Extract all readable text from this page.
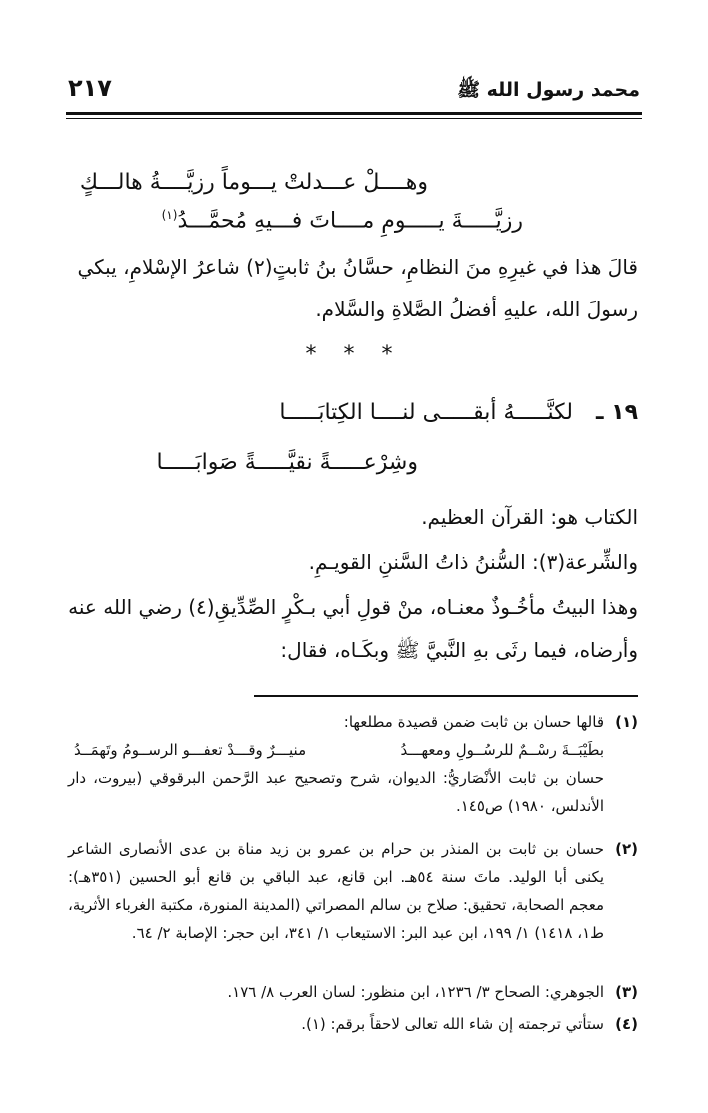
محمد رسول الله ﷺ
٢١٧
وهــــلْ عـــدلتْ يـــوماً رزيَّــــةُ هالـــكٍ
رزيَّـــــةَ يـــــومِ مــــاتَ فـــيهِ مُحمَّـــدُ$^{(١)}$
قالَ هذا في غيرِهِ منَ النظامِ، حسَّانُ بنُ ثابتٍ(٢) شاعرُ الإسْلامِ، يبكي
رسولَ الله، عليهِ أفضلُ الصَّلاةِ والسَّلام.
* * *
١٩ ـ
لكنَّـــــهُ أبقـــــى لنــــا الكِتابَـــــا
وشِرْعـــــةً نقيَّـــــةً صَوابَـــــا
الكتاب هو: القرآن العظيم.
والشِّرعة(٣): السُّننُ ذاتُ السَّننِ القويـمِ.
وهذا البيتُ مأخُـوذٌ معنـاه، منْ قولِ أبي بـكْرٍ الصِّدِّيقِ(٤) رضي الله عنه
وأرضاه، فيما رثَى بهِ النَّبيَّ ﷺ وبكَـاه، فقال:
(١)
قالها حسان بن ثابت ضمن قصيدة مطلعها:
بطَيْبَــةَ رسْــمٌ للرسُــولِ ومعهـــدُ
منيـــرٌ وقـــدْ تعفـــو الرســومُ وتَهمَــدُ
حسان بن ثابت الأنْصَاريُّ: الديوان، شرح وتصحيح عبد الرَّحمن البرقوقي (بيروت، دار الأندلس، ١٩٨٠) ص١٤٥.
(٢)
حسان بن ثابت بن المنذر بن حرام بن عمرو بن زيد مناة بن عدى الأنصارى الشاعر يكنى أبا الوليد. ماتَ سنة ٥٤هـ. ابن قانع، عبد الباقي بن قانع أبو الحسين (٣٥١هـ): معجم الصحابة، تحقيق: صلاح بن سالم المصراتي (المدينة المنورة، مكتبة الغرباء الأثرية، ط١، ١٤١٨) ١/ ١٩٩، ابن عبد البر: الاستيعاب ١/ ٣٤١، ابن حجر: الإصابة ٢/ ٦٤.
(٣)
الجوهري: الصحاح ٣/ ١٢٣٦، ابن منظور: لسان العرب ٨/ ١٧٦.
(٤)
ستأتي ترجمته إن شاء الله تعالى لاحقاً برقم: (١).
